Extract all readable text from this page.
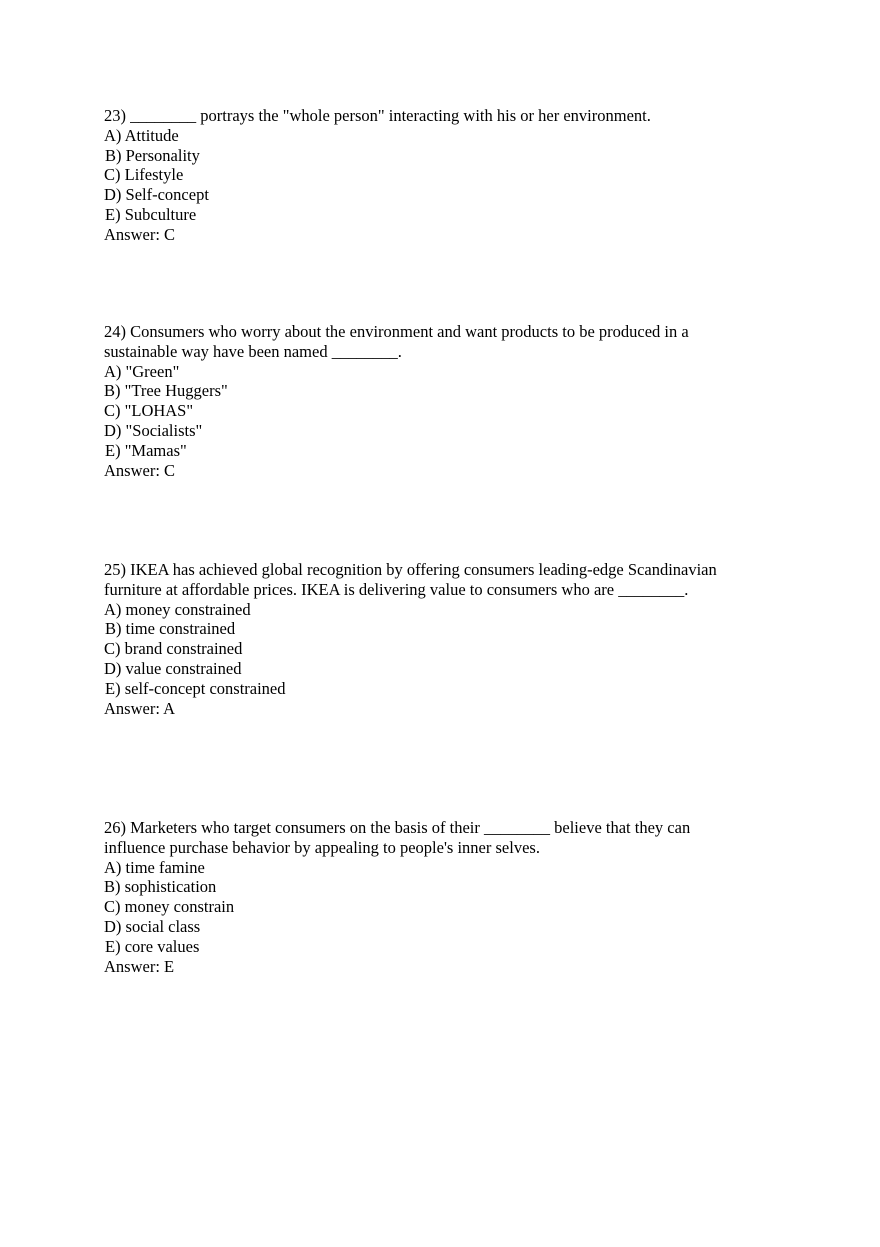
23) ________ portrays the "whole person" interacting with his or her environment.
A) Attitude
B) Personality
C) Lifestyle
D) Self-concept
E) Subculture
Answer: C
24) Consumers who worry about the environment and want products to be produced in a
sustainable way have been named ________.
A) "Green"
B) "Tree Huggers"
C) "LOHAS"
D) "Socialists"
E) "Mamas"
Answer: C
25) IKEA has achieved global recognition by offering consumers leading-edge Scandinavian
furniture at affordable prices. IKEA is delivering value to consumers who are ________.
A) money constrained
B) time constrained
C) brand constrained
D) value constrained
E) self-concept constrained
Answer: A
26) Marketers who target consumers on the basis of their ________ believe that they can
influence purchase behavior by appealing to people's inner selves.
A) time famine
B) sophistication
C) money constrain
D) social class
E) core values
Answer: E
